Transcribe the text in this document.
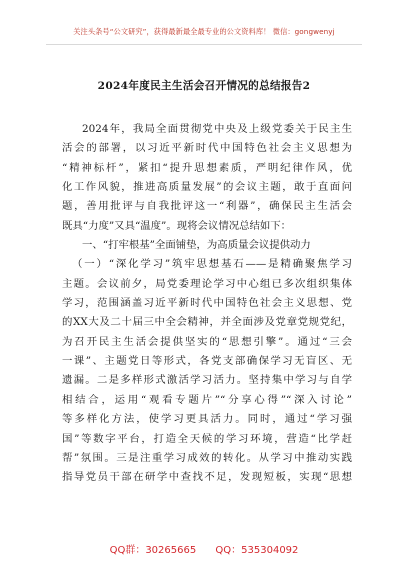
关注头条号“公文研究”，获得最新最全最专业的公文资料库！ 微信：gongwenyj
2024年度民主生活会召开情况的总结报告2
2024年，我局全面贯彻党中央及上级党委关于民主生
活会的部署，以习近平新时代中国特色社会主义思想为
“精神标杆”，紧扣“提升思想素质，严明纪律作风，优
化工作风貌，推进高质量发展”的会议主题，敢于直面问
题，善用批评与自我批评这一“利器”，确保民主生活会
既具“力度”又具“温度”。现将会议情况总结如下：
一、“打牢根基”全面铺垫，为高质量会议提供动力
（一）“深化学习”筑牢思想基石——是精确聚焦学习
主题。会议前夕，局党委理论学习中心组已多次组织集体
学习，范围涵盖习近平新时代中国特色社会主义思想、党
的XX大及二十届三中全会精神，并全面涉及党章党规党纪，
为召开民主生活会提供坚实的“思想引擎”。通过“三会
一课”、主题党日等形式，各党支部确保学习无盲区、无
遗漏。二是多样形式激活学习活力。坚持集中学习与自学
相结合，运用“观看专题片”“分享心得”“深入讨论”
等多样化方法，使学习更具活力。同时，通过“学习强
国”等数字平台，打造全天候的学习环境，营造“比学赶
帮”氛围。三是注重学习成效的转化。从学习中推动实践
指导党员干部在研学中查找不足，发现短板，实现“思想
QQ群：30265665 QQ：535304092
